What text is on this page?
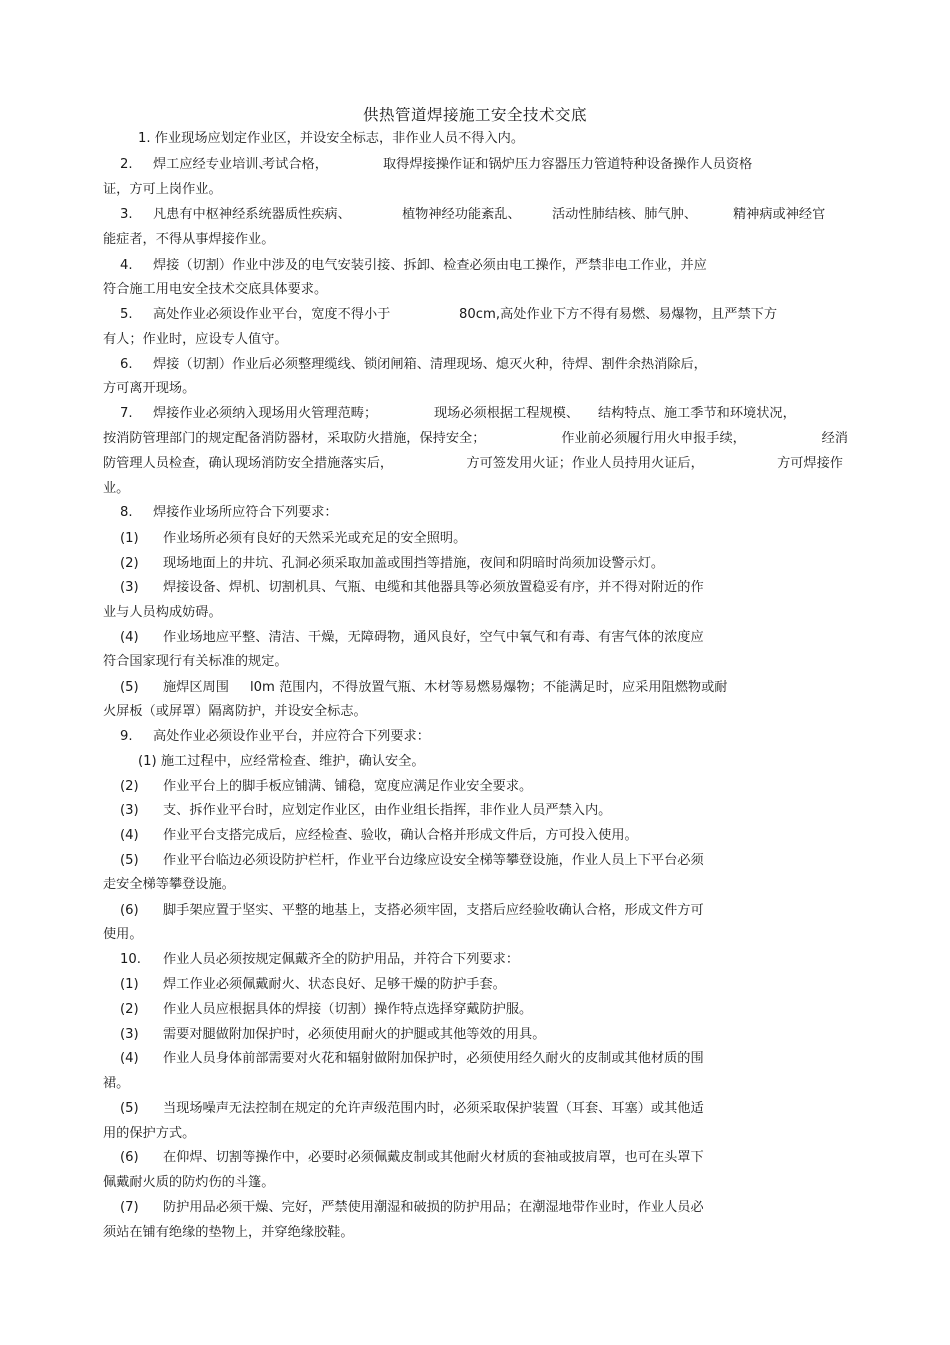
供热管道焊接施工安全技术交底
1. 作业现场应划定作业区，并设安全标志，非作业人员不得入内。
2. 焊工应经专业培训、
考试合格，	取得焊接操作证和锅炉压力容器压力管道特种设备操作人员资格
证，方可上岗作业。
3. 凡患有中枢神经系统器质性疾病、	植物神经功能紊乱、 活动性肺结核、肺气肿、	精神病或神经官
能症者，不得从事焊接作业。
4. 焊接（切割）作业中涉及的电气安装引接、拆卸、检查必须由电工操作，严禁非电工作业，并应
符合施工用电安全技术交底具体要求。
5. 高处作业必须设作业平台，宽度不得小于	80cm,高处作业下方不得有易燃、易爆物，且严禁下方
有人；作业时，应设专人值守。
6. 焊接（切割）作业后必须整理缆线、锁闭闸箱、清理现场、熄灭火种，待焊、割件余热消除后，
方可离开现场。
7. 焊接作业必须纳入现场用火管理范畴；	现场必须根据工程规模、 结构特点、施工季节和环境状况，
按消防管理部门的规定配备消防器材，采取防火措施，保持安全；	作业前必须履行用火申报手续，	经消
防管理人员检查，确认现场消防安全措施落实后，	方可签发用火证；作业人员持用火证后，	方可焊接作
业。
8. 焊接作业场所应符合下列要求：
(1) 作业场所必须有良好的天然采光或充足的安全照明。
(2) 现场地面上的井坑、孔洞必须采取加盖或围挡等措施，夜间和阴暗时尚须加设警示灯。
(3) 焊接设备、焊机、切割机具、气瓶、电缆和其他器具等必须放置稳妥有序，并不得对附近的作
业与人员构成妨碍。
(4) 作业场地应平整、清洁、干燥，无障碍物，通风良好，空气中氧气和有毒、有害气体的浓度应
符合国家现行有关标准的规定。
(5) 施焊区周围 l0m 范围内，不得放置气瓶、木材等易燃易爆物；不能满足时，应采用阻燃物或耐
火屏板（或屏罩）隔离防护，并设安全标志。
9. 高处作业必须设作业平台，并应符合下列要求：
(1) 施工过程中，应经常检查、维护，确认安全。
(2) 作业平台上的脚手板应铺满、铺稳，宽度应满足作业安全要求。
(3) 支、拆作业平台时，应划定作业区，由作业组长指挥，非作业人员严禁入内。
(4) 作业平台支搭完成后，应经检查、验收，确认合格并形成文件后，方可投入使用。
(5) 作业平台临边必须设防护栏杆，作业平台边缘应设安全梯等攀登设施，作业人员上下平台必须
走安全梯等攀登设施。
(6) 脚手架应置于坚实、平整的地基上，支搭必须牢固，支搭后应经验收确认合格，形成文件方可
使用。
10. 作业人员必须按规定佩戴齐全的防护用品，并符合下列要求：
(1) 焊工作业必须佩戴耐火、状态良好、足够干燥的防护手套。
(2) 作业人员应根据具体的焊接（切割）操作特点选择穿戴防护服。
(3) 需要对腿做附加保护时，必须使用耐火的护腿或其他等效的用具。
(4) 作业人员身体前部需要对火花和辐射做附加保护时，必须使用经久耐火的皮制或其他材质的围
裙。
(5) 当现场噪声无法控制在规定的允许声级范围内时，必须采取保护装置（耳套、耳塞）或其他适
用的保护方式。
(6) 在仰焊、切割等操作中，必要时必须佩戴皮制或其他耐火材质的套袖或披肩罩，也可在头罩下
佩戴耐火质的防灼伤的斗篷。
(7) 防护用品必须干燥、完好，严禁使用潮湿和破损的防护用品；在潮湿地带作业时，作业人员必
须站在铺有绝缘的垫物上，并穿绝缘胶鞋。
